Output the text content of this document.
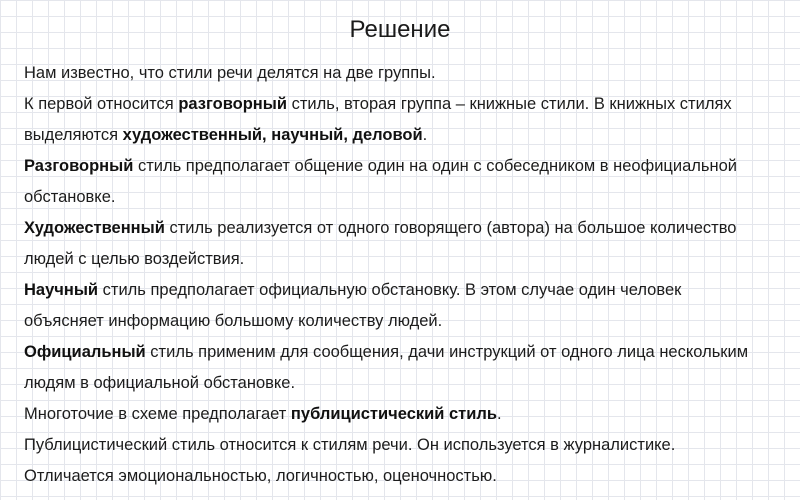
Решение
Нам известно, что стили речи делятся на две группы.
К первой относится разговорный стиль, вторая группа – книжные стили. В книжных стилях
выделяются художественный, научный, деловой.
Разговорный стиль предполагает общение один на один с собеседником в неофициальной
обстановке.
Художественный стиль реализуется от одного говорящего (автора) на большое количество
людей с целью воздействия.
Научный стиль предполагает официальную обстановку. В этом случае один человек
объясняет информацию большому количеству людей.
Официальный стиль применим для сообщения, дачи инструкций от одного лица нескольким
людям в официальной обстановке.
Многоточие в схеме предполагает публицистический стиль.
Публицистический стиль относится к стилям речи. Он используется в журналистике.
Отличается эмоциональностью, логичностью, оценочностью.
